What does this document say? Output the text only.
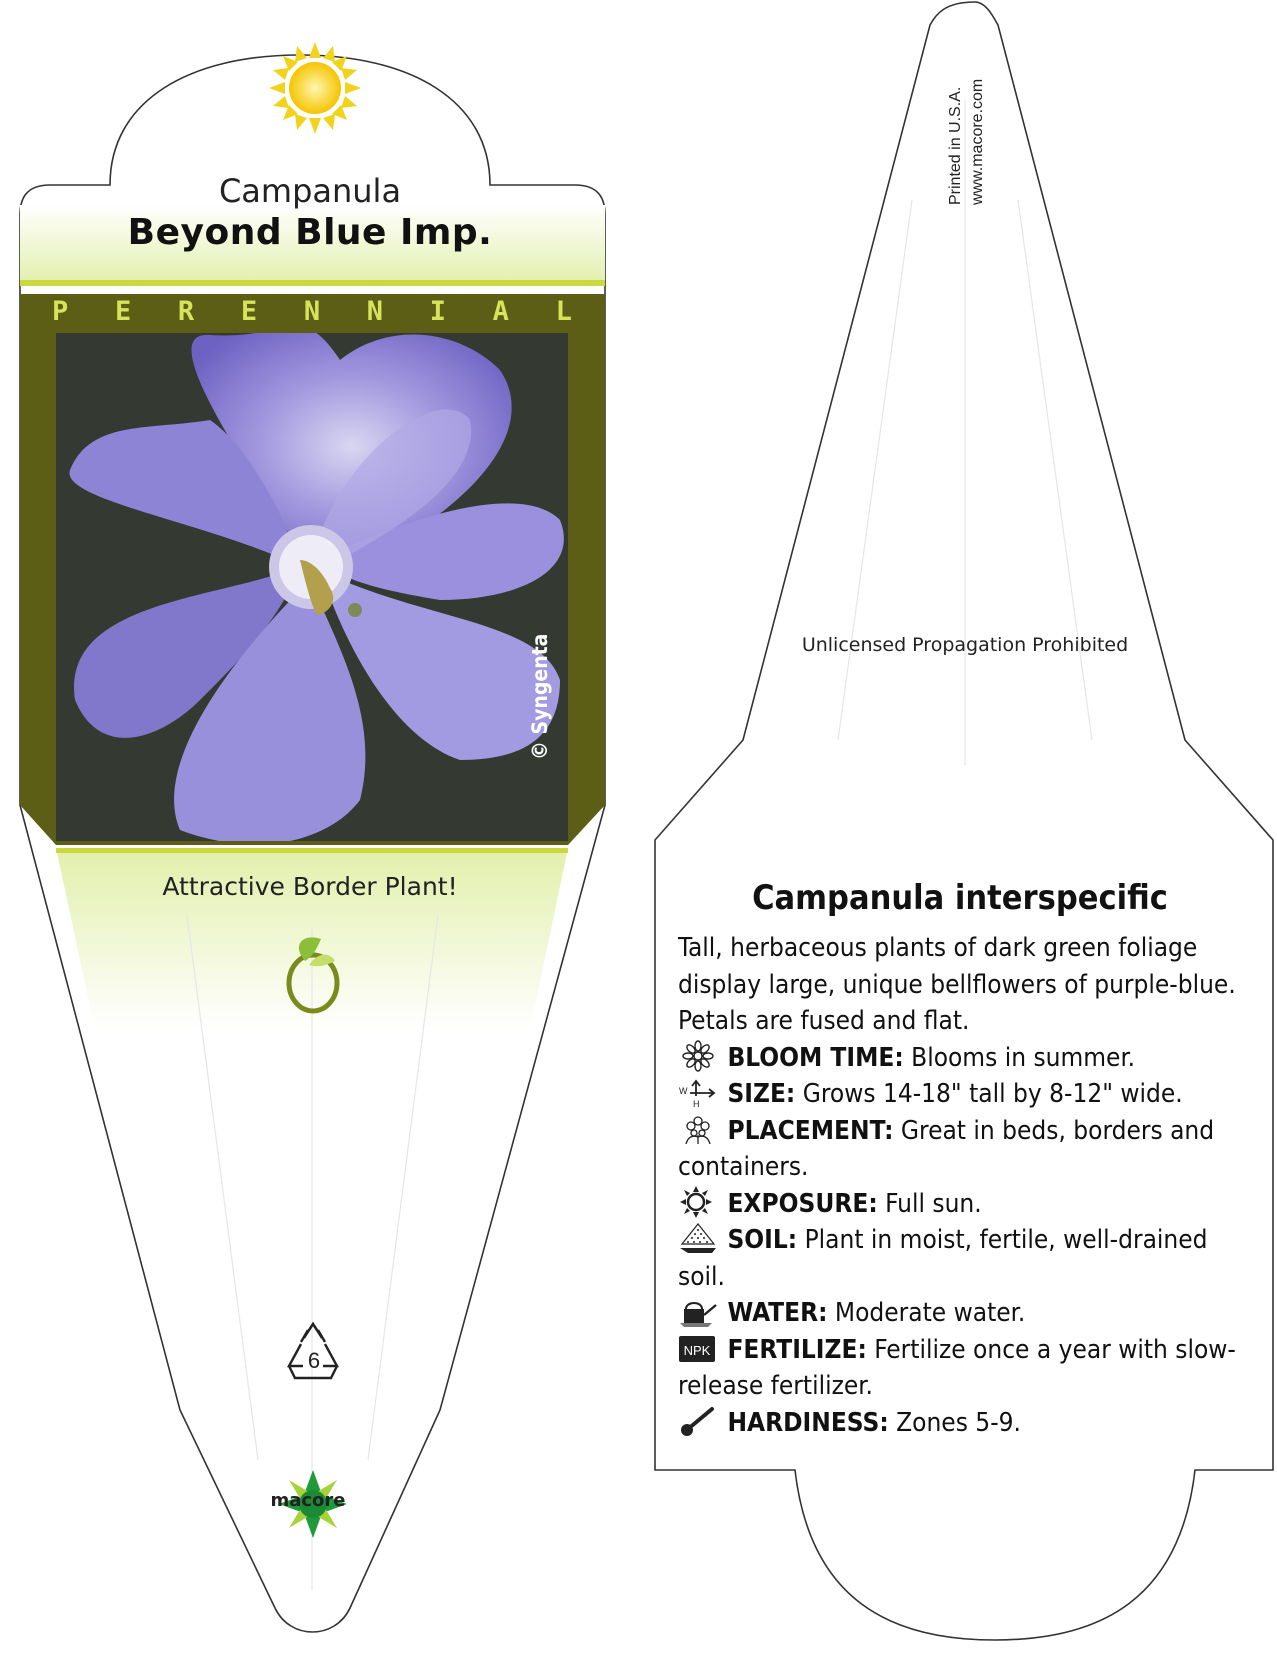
Campanula
Beyond Blue Imp.
P E R E N N I A L
© Syngenta
Attractive Border Plant!
6
macore
Printed in U.S.A. www.macore.com
Unlicensed Propagation Prohibited
Campanula interspecific

Tall, herbaceous plants of dark green foliage display large, unique bellflowers of purple-blue. Petals are fused and flat.

BLOOM TIME: Blooms in summer.

W
H SIZE: Grows 14-18" tall by 8-12" wide.

PLACEMENT: Great in beds, borders and containers.

EXPOSURE: Full sun.

SOIL: Plant in moist, fertile, well-drained soil.

WATER: Moderate water.

NPK FERTILIZE: Fertilize once a year with slow-release fertilizer.

HARDINESS: Zones 5-9.
